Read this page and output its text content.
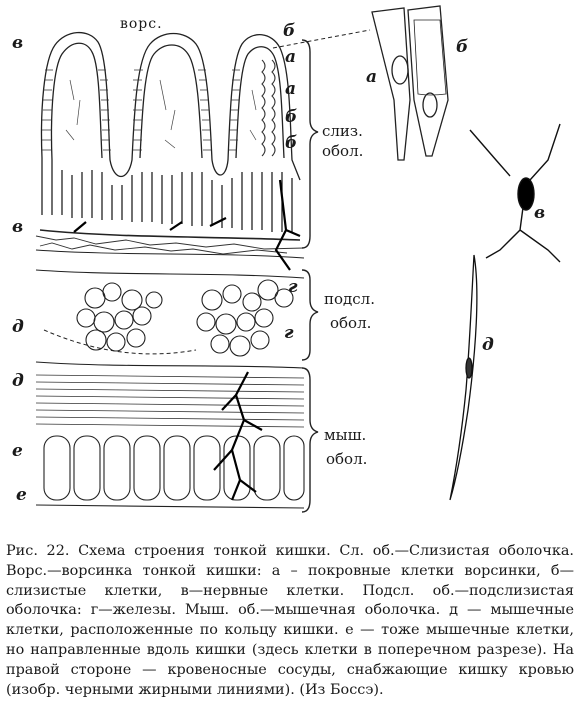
ворс.
в
б
а
а
б
б
в
д
д
г
г
е
е
слиз.
обол.
подсл.
обол.
мыш.
обол.
а
б
в
д
Рис. 22. Схема строения тонкой кишки. Сл. об.—Слизистая оболочка. Ворс.—ворсинка тонкой кишки: а – покровные клетки ворсинки, б—слизистые клетки, в—нервные клетки. Подсл. об.—подслизистая оболочка: г—железы. Мыш. об.—мышечная оболочка. д — мышечные клетки, расположенные по кольцу кишки. е — тоже мышечные клетки, но направленные вдоль кишки (здесь клетки в поперечном разрезе). На правой стороне — кровеносные сосуды, снабжающие кишку кровью (изобр. черными жирными линиями). (Из Боссэ).
